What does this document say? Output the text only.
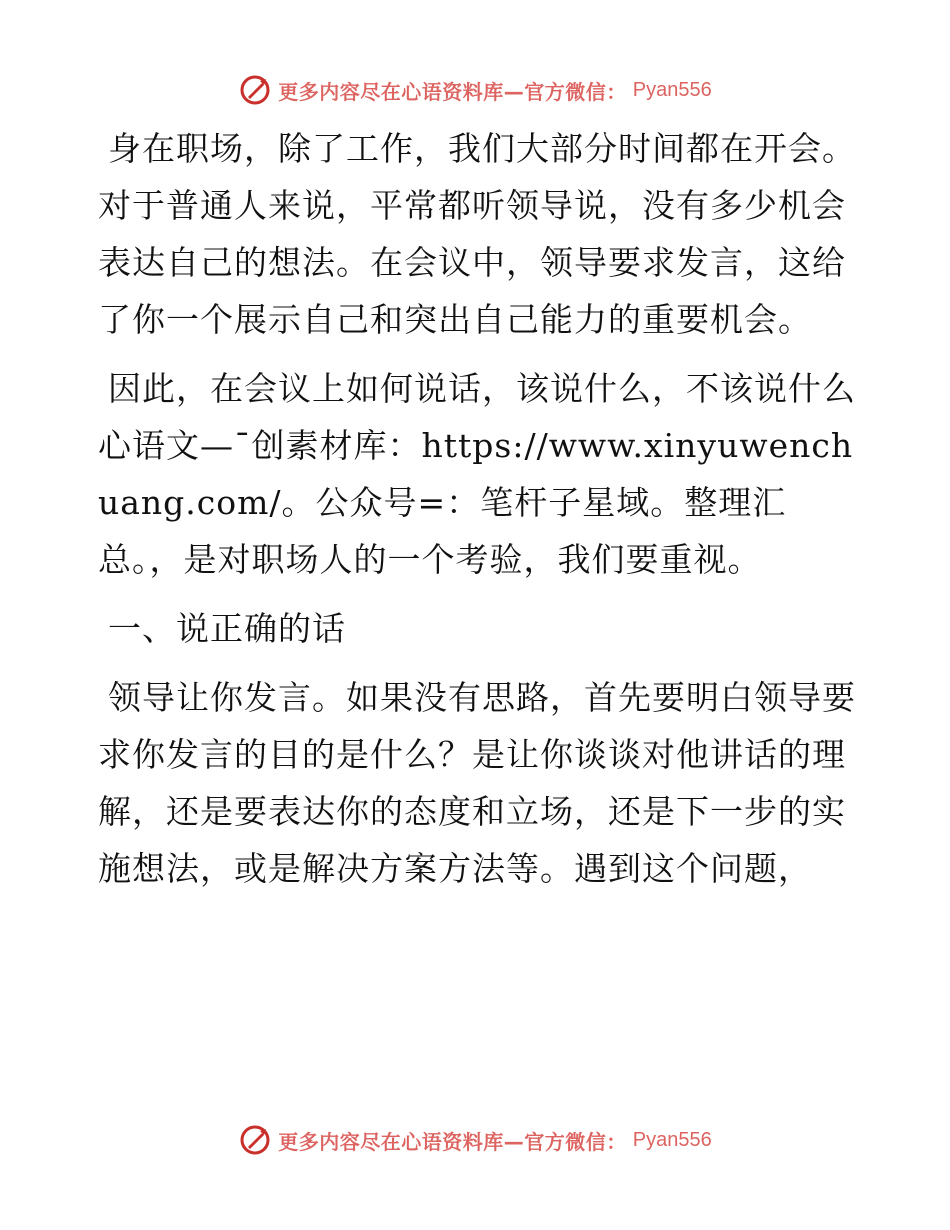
更多内容尽在心语资料库—官方微信： Pyan556

身在职场，除了工作，我们大部分时间都在开会。对于普通人来说，平常都听领导说，没有多少机会表达自己的想法。在会议中，领导要求发言，这给了你一个展示自己和突出自己能力的重要机会。

因此，在会议上如何说话，该说什么，不该说什么心语文—¯创素材库：https://www.xinyuwenchuang.com/。公众号=：笔杆子星域。整理汇总。，是对职场人的一个考验，我们要重视。

一、说正确的话

领导让你发言。如果没有思路，首先要明白领导要求你发言的目的是什么？是让你谈谈对他讲话的理解，还是要表达你的态度和立场，还是下一步的实施想法，或是解决方案方法等。遇到这个问题，

更多内容尽在心语资料库—官方微信： Pyan556
